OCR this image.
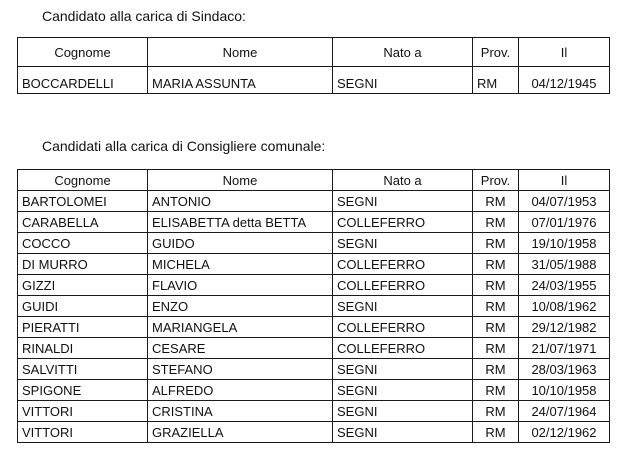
Candidato alla carica di Sindaco:
Cognome	Nome	Nato a	Prov.	Il
BOCCARDELLI	MARIA ASSUNTA	SEGNI	RM	04/12/1945
Candidati alla carica di Consigliere comunale:
Cognome	Nome	Nato a	Prov.	Il
BARTOLOMEI	ANTONIO	SEGNI	RM	04/07/1953
CARABELLA	ELISABETTA detta BETTA	COLLEFERRO	RM	07/01/1976
COCCO	GUIDO	SEGNI	RM	19/10/1958
DI MURRO	MICHELA	COLLEFERRO	RM	31/05/1988
GIZZI	FLAVIO	COLLEFERRO	RM	24/03/1955
GUIDI	ENZO	SEGNI	RM	10/08/1962
PIERATTI	MARIANGELA	COLLEFERRO	RM	29/12/1982
RINALDI	CESARE	COLLEFERRO	RM	21/07/1971
SALVITTI	STEFANO	SEGNI	RM	28/03/1963
SPIGONE	ALFREDO	SEGNI	RM	10/10/1958
VITTORI	CRISTINA	SEGNI	RM	24/07/1964
VITTORI	GRAZIELLA	SEGNI	RM	02/12/1962
